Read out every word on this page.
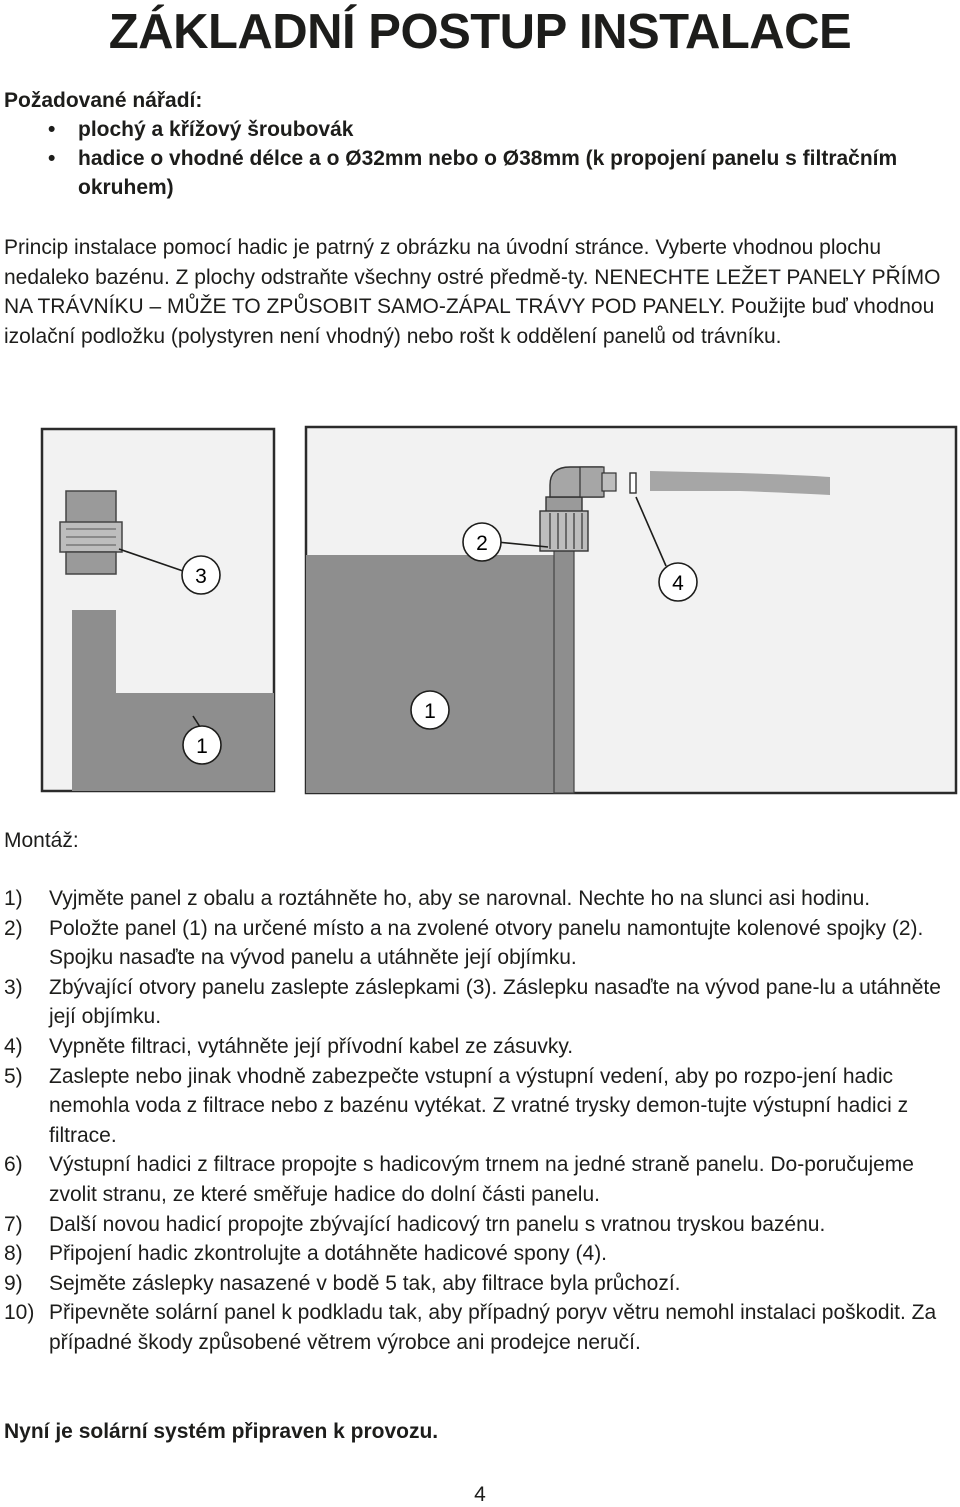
ZÁKLADNÍ POSTUP INSTALACE
Požadované nářadí:
• plochý a křížový šroubovák
• hadice o vhodné délce a o Ø32mm nebo o Ø38mm (k propojení panelu s filtračním okruhem)

Princip instalace pomocí hadic je patrný z obrázku na úvodní stránce. Vyberte vhodnou plochu nedaleko bazénu. Z plochy odstraňte všechny ostré předmě-ty. NENECHTE LEŽET PANELY PŘÍMO NA TRÁVNÍKU – MŮŽE TO ZPŮSOBIT SAMO-ZÁPAL TRÁVY POD PANELY. Použijte buď vhodnou izolační podložku (polystyren není vhodný) nebo rošt k oddělení panelů od trávníku.

3
1
2
4
1
Montáž:
1) Vyjměte panel z obalu a roztáhněte ho, aby se narovnal. Nechte ho na slunci asi hodinu.
2) Položte panel (1) na určené místo a na zvolené otvory panelu namontujte kolenové spojky (2). Spojku nasaďte na vývod panelu a utáhněte její objímku.
3) Zbývající otvory panelu zaslepte záslepkami (3). Záslepku nasaďte na vývod pane-lu a utáhněte její objímku.
4) Vypněte filtraci, vytáhněte její přívodní kabel ze zásuvky.
5) Zaslepte nebo jinak vhodně zabezpečte vstupní a výstupní vedení, aby po rozpo-jení hadic nemohla voda z filtrace nebo z bazénu vytékat. Z vratné trysky demon-tujte výstupní hadici z filtrace.
6) Výstupní hadici z filtrace propojte s hadicovým trnem na jedné straně panelu. Do-poručujeme zvolit stranu, ze které směřuje hadice do dolní části panelu.
7) Další novou hadicí propojte zbývající hadicový trn panelu s vratnou tryskou bazénu.
8) Připojení hadic zkontrolujte a dotáhněte hadicové spony (4).
9) Sejměte záslepky nasazené v bodě 5 tak, aby filtrace byla průchozí.
10) Připevněte solární panel k podkladu tak, aby případný poryv větru nemohl instalaci poškodit. Za případné škody způsobené větrem výrobce ani prodejce neručí.
Nyní je solární systém připraven k provozu.
4
